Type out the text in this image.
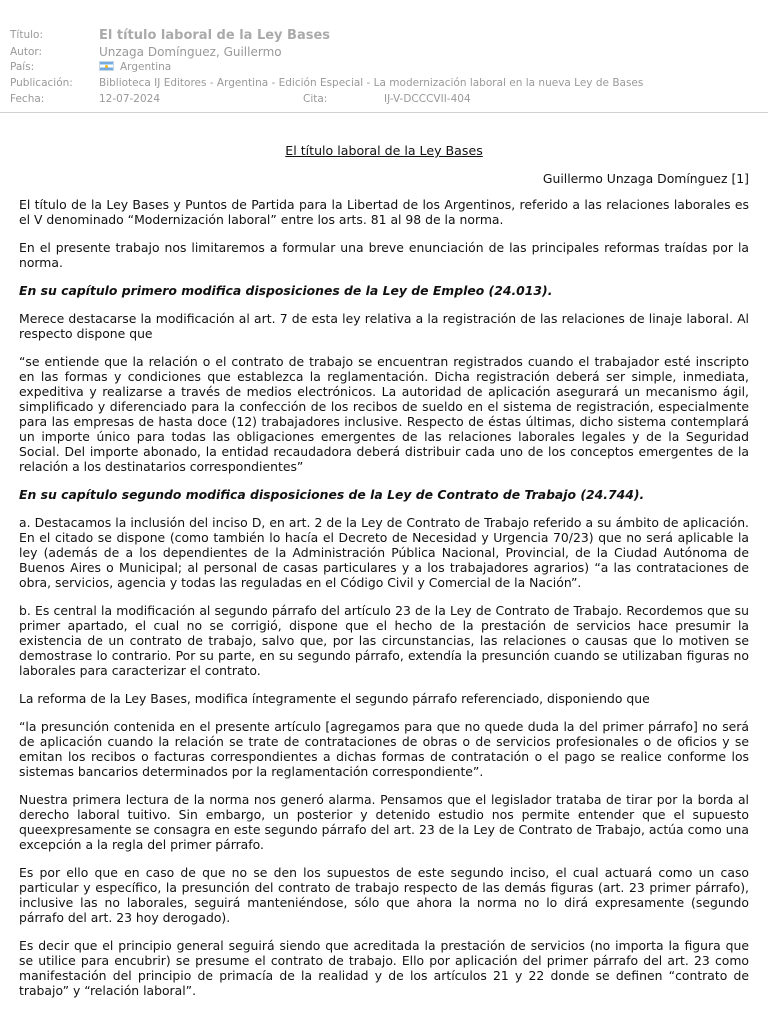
Título:	El título laboral de la Ley Bases
Autor:	Unzaga Domínguez, Guillermo
País:	Argentina
Publicación:	Biblioteca IJ Editores - Argentina - Edición Especial - La modernización laboral en la nueva Ley de Bases
Fecha:	12-07-2024	Cita:	IJ-V-DCCCVII-404
El título laboral de la Ley Bases
Guillermo Unzaga Domínguez [1]

El título de la Ley Bases y Puntos de Partida para la Libertad de los Argentinos, referido a las relaciones laborales es el V denominado “Modernización laboral” entre los arts. 81 al 98 de la norma.

En el presente trabajo nos limitaremos a formular una breve enunciación de las principales reformas traídas por la norma.

En su capítulo primero modifica disposiciones de la Ley de Empleo (24.013).

Merece destacarse la modificación al art. 7 de esta ley relativa a la registración de las relaciones de linaje laboral. Al respecto dispone que

“se entiende que la relación o el contrato de trabajo se encuentran registrados cuando el trabajador esté inscripto en las formas y condiciones que establezca la reglamentación. Dicha registración deberá ser simple, inmediata, expeditiva y realizarse a través de medios electrónicos. La autoridad de aplicación asegurará un mecanismo ágil, simplificado y diferenciado para la confección de los recibos de sueldo en el sistema de registración, especialmente para las empresas de hasta doce (12) trabajadores inclusive. Respecto de éstas últimas, dicho sistema contemplará un importe único para todas las obligaciones emergentes de las relaciones laborales legales y de la Seguridad Social. Del importe abonado, la entidad recaudadora deberá distribuir cada uno de los conceptos emergentes de la relación a los destinatarios correspondientes”

En su capítulo segundo modifica disposiciones de la Ley de Contrato de Trabajo (24.744).

a. Destacamos la inclusión del inciso D, en art. 2 de la Ley de Contrato de Trabajo referido a su ámbito de aplicación. En el citado se dispone (como también lo hacía el Decreto de Necesidad y Urgencia 70/23) que no será aplicable la ley (además de a los dependientes de la Administración Pública Nacional, Provincial, de la Ciudad Autónoma de Buenos Aires o Municipal; al personal de casas particulares y a los trabajadores agrarios) “a las contrataciones de obra, servicios, agencia y todas las reguladas en el Código Civil y Comercial de la Nación”.

b. Es central la modificación al segundo párrafo del artículo 23 de la Ley de Contrato de Trabajo. Recordemos que su primer apartado, el cual no se corrigió, dispone que el hecho de la prestación de servicios hace presumir la existencia de un contrato de trabajo, salvo que, por las circunstancias, las relaciones o causas que lo motiven se demostrase lo contrario. Por su parte, en su segundo párrafo, extendía la presunción cuando se utilizaban figuras no laborales para caracterizar el contrato.

La reforma de la Ley Bases, modifica íntegramente el segundo párrafo referenciado, disponiendo que

“la presunción contenida en el presente artículo [agregamos para que no quede duda la del primer párrafo] no será de aplicación cuando la relación se trate de contrataciones de obras o de servicios profesionales o de oficios y se emitan los recibos o facturas correspondientes a dichas formas de contratación o el pago se realice conforme los sistemas bancarios determinados por la reglamentación correspondiente”.

Nuestra primera lectura de la norma nos generó alarma. Pensamos que el legislador trataba de tirar por la borda al derecho laboral tuitivo. Sin embargo, un posterior y detenido estudio nos permite entender que el supuesto queexpresamente se consagra en este segundo párrafo del art. 23 de la Ley de Contrato de Trabajo, actúa como una excepción a la regla del primer párrafo.

Es por ello que en caso de que no se den los supuestos de este segundo inciso, el cual actuará como un caso particular y específico, la presunción del contrato de trabajo respecto de las demás figuras (art. 23 primer párrafo), inclusive las no laborales, seguirá manteniéndose, sólo que ahora la norma no lo dirá expresamente (segundo párrafo del art. 23 hoy derogado).

Es decir que el principio general seguirá siendo que acreditada la prestación de servicios (no importa la figura que se utilice para encubrir) se presume el contrato de trabajo. Ello por aplicación del primer párrafo del art. 23 como manifestación del principio de primacía de la realidad y de los artículos 21 y 22 donde se definen “contrato de trabajo” y “relación laboral”.
